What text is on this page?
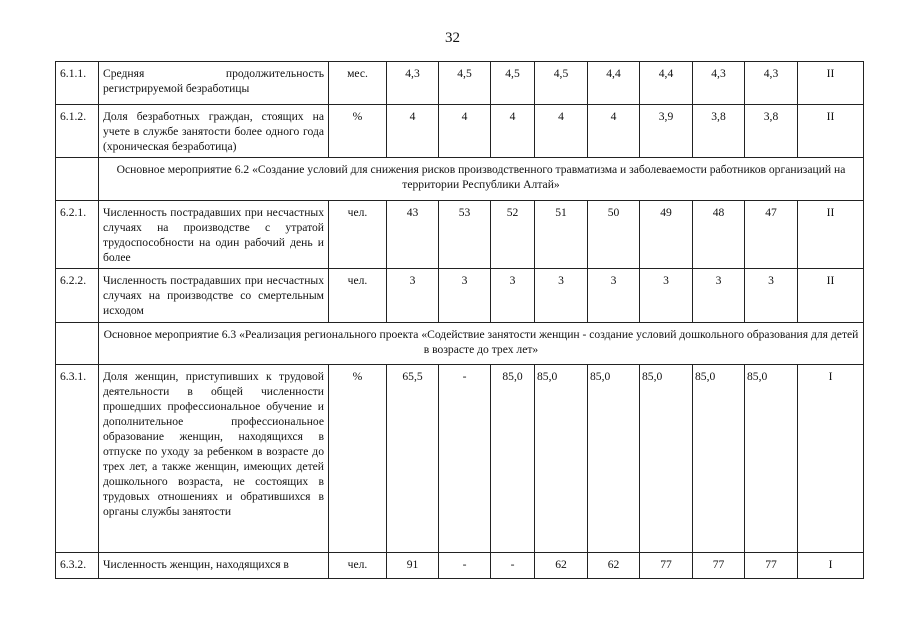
32
6.1.1.	Средняя продолжительность регистрируемой безработицы	мес.	4,3	4,5	4,5	4,5	4,4	4,4	4,3	4,3	II
6.1.2.	Доля безработных граждан, стоящих на учете в службе занятости более одного года (хроническая безработица)	%	4	4	4	4	4	3,9	3,8	3,8	II
	Основное мероприятие 6.2 «Создание условий для снижения рисков производственного травматизма и заболеваемости работников организаций на территории Республики Алтай»										
6.2.1.	Численность пострадавших при несчастных случаях на производстве с утратой трудоспособности на один рабочий день и более	чел.	43	53	52	51	50	49	48	47	II
6.2.2.	Численность пострадавших при несчастных случаях на производстве со смертельным исходом	чел.	3	3	3	3	3	3	3	3	II
	Основное мероприятие 6.3 «Реализация регионального проекта «Содействие занятости женщин - создание условий дошкольного образования для детей в возрасте до трех лет»										
6.3.1.	Доля женщин, приступивших к трудовой деятельности в общей численности прошедших профессиональное обучение и дополнительное профессиональное образование женщин, находящихся в отпуске по уходу за ребенком в возрасте до трех лет, а также женщин, имеющих детей дошкольного возраста, не состоящих в трудовых отношениях и обратившихся в органы службы занятости	%	65,5	-	85,0	85,0	85,0	85,0	85,0	85,0	I
6.3.2.	Численность женщин, находящихся в	чел.	91	-	-	62	62	77	77	77	I
